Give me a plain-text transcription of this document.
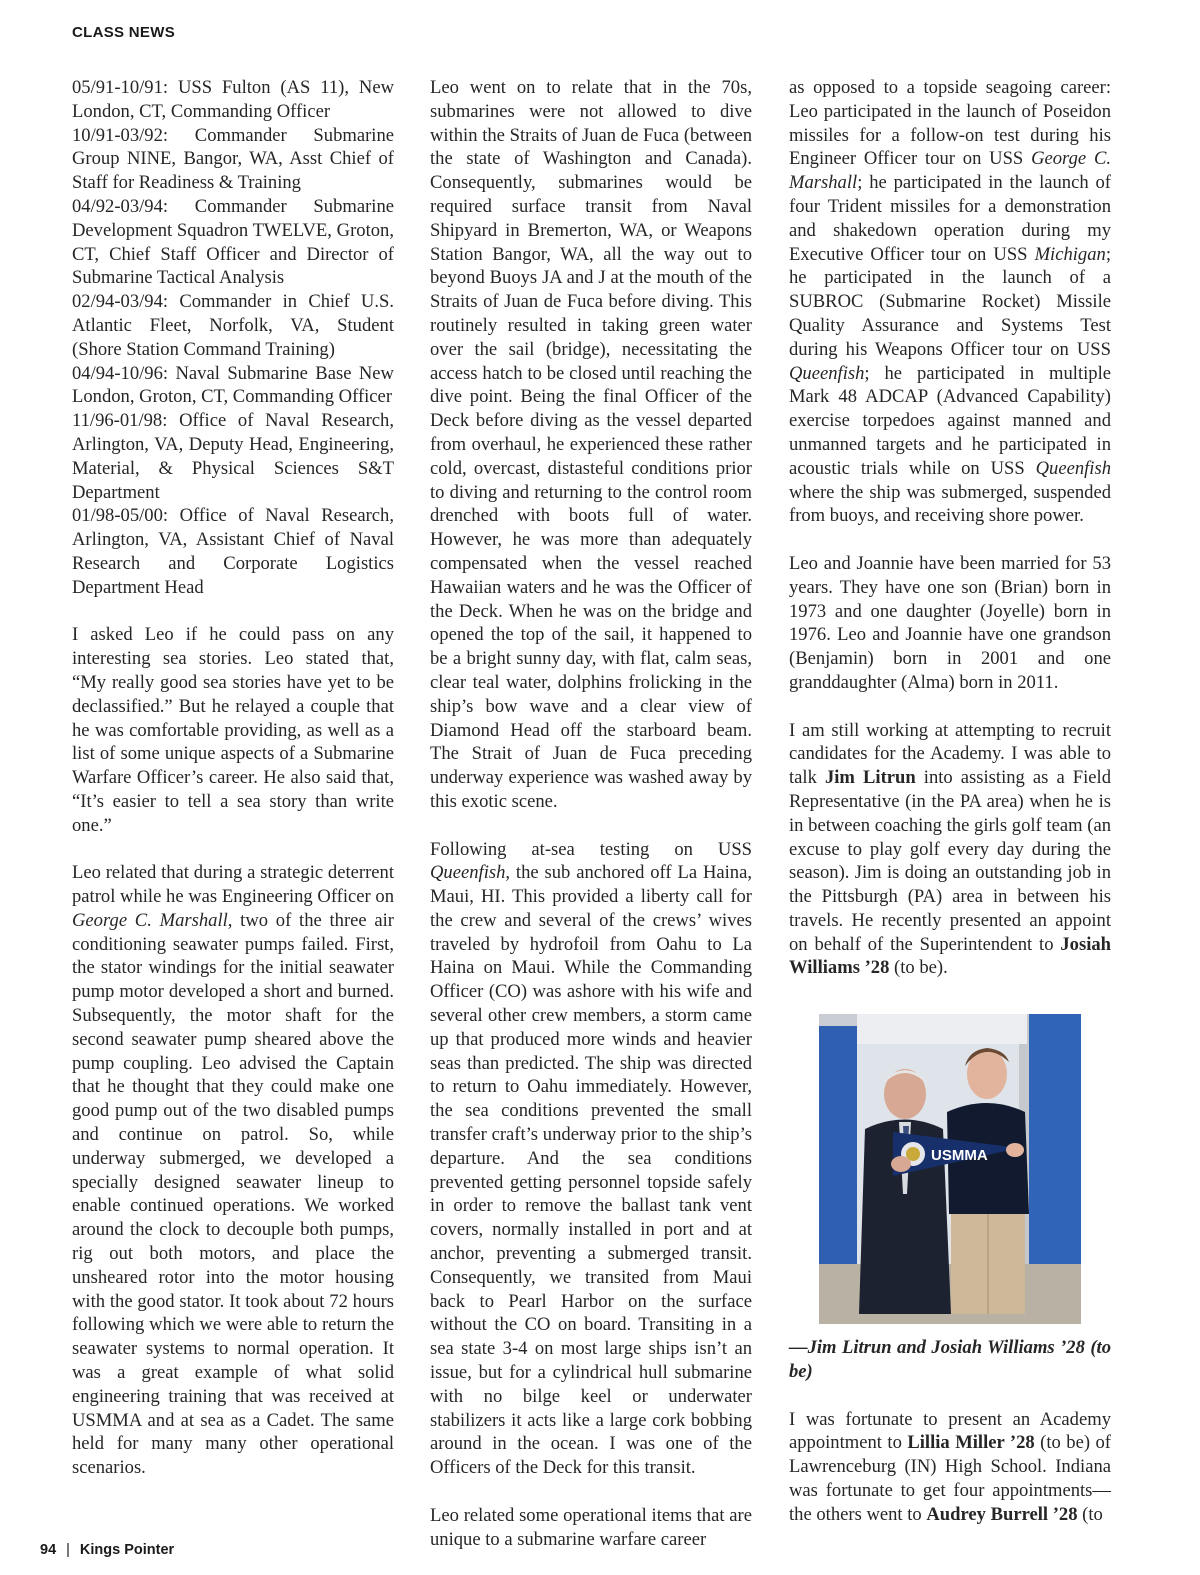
CLASS NEWS

05/91-10/91: USS Fulton (AS 11), New London, CT, Commanding Officer

10/91-03/92: Commander Submarine Group NINE, Bangor, WA, Asst Chief of Staff for Readiness & Training

04/92-03/94: Commander Submarine Development Squadron TWELVE, Groton, CT, Chief Staff Officer and Director of Submarine Tactical Analysis

02/94-03/94: Commander in Chief U.S. Atlantic Fleet, Norfolk, VA, Student (Shore Station Command Training)

04/94-10/96: Naval Submarine Base New London, Groton, CT, Commanding Officer

11/96-01/98: Office of Naval Research, Arlington, VA, Deputy Head, Engineering, Material, & Physical Sciences S&T Department

01/98-05/00: Office of Naval Research, Arlington, VA, Assistant Chief of Naval Research and Corporate Logistics Department Head

I asked Leo if he could pass on any interesting sea stories. Leo stated that, “My really good sea stories have yet to be declassified.” But he relayed a couple that he was comfortable providing, as well as a list of some unique aspects of a Submarine Warfare Officer’s career. He also said that, “It’s easier to tell a sea story than write one.”

Leo related that during a strategic deterrent patrol while he was Engineering Officer on George C. Marshall, two of the three air conditioning seawater pumps failed. First, the stator windings for the initial seawater pump motor developed a short and burned. Subsequently, the motor shaft for the second seawater pump sheared above the pump coupling. Leo advised the Captain that he thought that they could make one good pump out of the two disabled pumps and continue on patrol. So, while underway submerged, we developed a specially designed seawater lineup to enable continued operations. We worked around the clock to decouple both pumps, rig out both motors, and place the unsheared rotor into the motor housing with the good stator. It took about 72 hours following which we were able to return the seawater systems to normal operation. It was a great example of what solid engineering training that was received at USMMA and at sea as a Cadet. The same held for many many other operational scenarios.

Leo went on to relate that in the 70s, submarines were not allowed to dive within the Straits of Juan de Fuca (between the state of Washington and Canada). Consequently, submarines would be required surface transit from Naval Shipyard in Bremerton, WA, or Weapons Station Bangor, WA, all the way out to beyond Buoys JA and J at the mouth of the Straits of Juan de Fuca before diving. This routinely resulted in taking green water over the sail (bridge), necessitating the access hatch to be closed until reaching the dive point. Being the final Officer of the Deck before diving as the vessel departed from overhaul, he experienced these rather cold, overcast, distasteful conditions prior to diving and returning to the control room drenched with boots full of water. However, he was more than adequately compensated when the vessel reached Hawaiian waters and he was the Officer of the Deck. When he was on the bridge and opened the top of the sail, it happened to be a bright sunny day, with flat, calm seas, clear teal water, dolphins frolicking in the ship’s bow wave and a clear view of Diamond Head off the starboard beam. The Strait of Juan de Fuca preceding underway experience was washed away by this exotic scene.

Following at-sea testing on USS Queenfish, the sub anchored off La Haina, Maui, HI. This provided a liberty call for the crew and several of the crews’ wives traveled by hydrofoil from Oahu to La Haina on Maui. While the Commanding Officer (CO) was ashore with his wife and several other crew members, a storm came up that produced more winds and heavier seas than predicted. The ship was directed to return to Oahu immediately. However, the sea conditions prevented the small transfer craft’s underway prior to the ship’s departure. And the sea conditions prevented getting personnel topside safely in order to remove the ballast tank vent covers, normally installed in port and at anchor, preventing a submerged transit. Consequently, we transited from Maui back to Pearl Harbor on the surface without the CO on board. Transiting in a sea state 3-4 on most large ships isn’t an issue, but for a cylindrical hull submarine with no bilge keel or underwater stabilizers it acts like a large cork bobbing around in the ocean. I was one of the Officers of the Deck for this transit.

Leo related some operational items that are unique to a submarine warfare career

as opposed to a topside seagoing career: Leo participated in the launch of Poseidon missiles for a follow-on test during his Engineer Officer tour on USS George C. Marshall; he participated in the launch of four Trident missiles for a demonstration and shakedown operation during my Executive Officer tour on USS Michigan; he participated in the launch of a SUBROC (Submarine Rocket) Missile Quality Assurance and Systems Test during his Weapons Officer tour on USS Queenfish; he participated in multiple Mark 48 ADCAP (Advanced Capability) exercise torpedoes against manned and unmanned targets and he participated in acoustic trials while on USS Queenfish where the ship was submerged, suspended from buoys, and receiving shore power.

Leo and Joannie have been married for 53 years. They have one son (Brian) born in 1973 and one daughter (Joyelle) born in 1976. Leo and Joannie have one grandson (Benjamin) born in 2001 and one granddaughter (Alma) born in 2011.

I am still working at attempting to recruit candidates for the Academy. I was able to talk Jim Litrun into assisting as a Field Representative (in the PA area) when he is in between coaching the girls golf team (an excuse to play golf every day during the season). Jim is doing an outstanding job in the Pittsburgh (PA) area in between his travels. He recently presented an appoint on behalf of the Superintendent to Josiah Williams ’28 (to be).

USMMA

—Jim Litrun and Josiah Williams ’28 (to be)

I was fortunate to present an Academy appointment to Lillia Miller ’28 (to be) of Lawrenceburg (IN) High School. Indiana was fortunate to get four appointments—the others went to Audrey Burrell ’28 (to

94 | Kings Pointer
